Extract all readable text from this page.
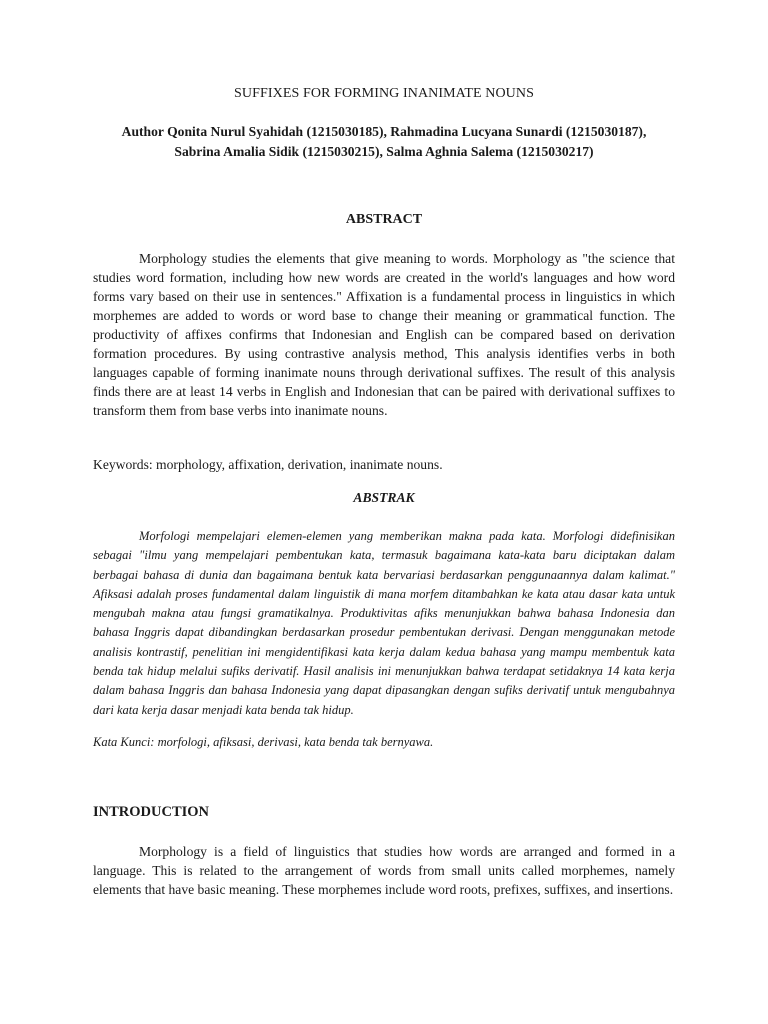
SUFFIXES FOR FORMING INANIMATE NOUNS
Author Qonita Nurul Syahidah (1215030185), Rahmadina Lucyana Sunardi (1215030187),
Sabrina Amalia Sidik (1215030215), Salma Aghnia Salema (1215030217)
ABSTRACT

Morphology studies the elements that give meaning to words. Morphology as "the science that studies word formation, including how new words are created in the world's languages and how word forms vary based on their use in sentences." Affixation is a fundamental process in linguistics in which morphemes are added to words or word base to change their meaning or grammatical function. The productivity of affixes confirms that Indonesian and English can be compared based on derivation formation procedures. By using contrastive analysis method, This analysis identifies verbs in both languages capable of forming inanimate nouns through derivational suffixes. The result of this analysis finds there are at least 14 verbs in English and Indonesian that can be paired with derivational suffixes to transform them from base verbs into inanimate nouns.

Keywords: morphology, affixation, derivation, inanimate nouns.

ABSTRAK

Morfologi mempelajari elemen-elemen yang memberikan makna pada kata. Morfologi didefinisikan sebagai "ilmu yang mempelajari pembentukan kata, termasuk bagaimana kata-kata baru diciptakan dalam berbagai bahasa di dunia dan bagaimana bentuk kata bervariasi berdasarkan penggunaannya dalam kalimat." Afiksasi adalah proses fundamental dalam linguistik di mana morfem ditambahkan ke kata atau dasar kata untuk mengubah makna atau fungsi gramatikalnya. Produktivitas afiks menunjukkan bahwa bahasa Indonesia dan bahasa Inggris dapat dibandingkan berdasarkan prosedur pembentukan derivasi. Dengan menggunakan metode analisis kontrastif, penelitian ini mengidentifikasi kata kerja dalam kedua bahasa yang mampu membentuk kata benda tak hidup melalui sufiks derivatif. Hasil analisis ini menunjukkan bahwa terdapat setidaknya 14 kata kerja dalam bahasa Inggris dan bahasa Indonesia yang dapat dipasangkan dengan sufiks derivatif untuk mengubahnya dari kata kerja dasar menjadi kata benda tak hidup.

Kata Kunci: morfologi, afiksasi, derivasi, kata benda tak bernyawa.

INTRODUCTION

Morphology is a field of linguistics that studies how words are arranged and formed in a language. This is related to the arrangement of words from small units called morphemes, namely elements that have basic meaning. These morphemes include word roots, prefixes, suffixes, and insertions.
